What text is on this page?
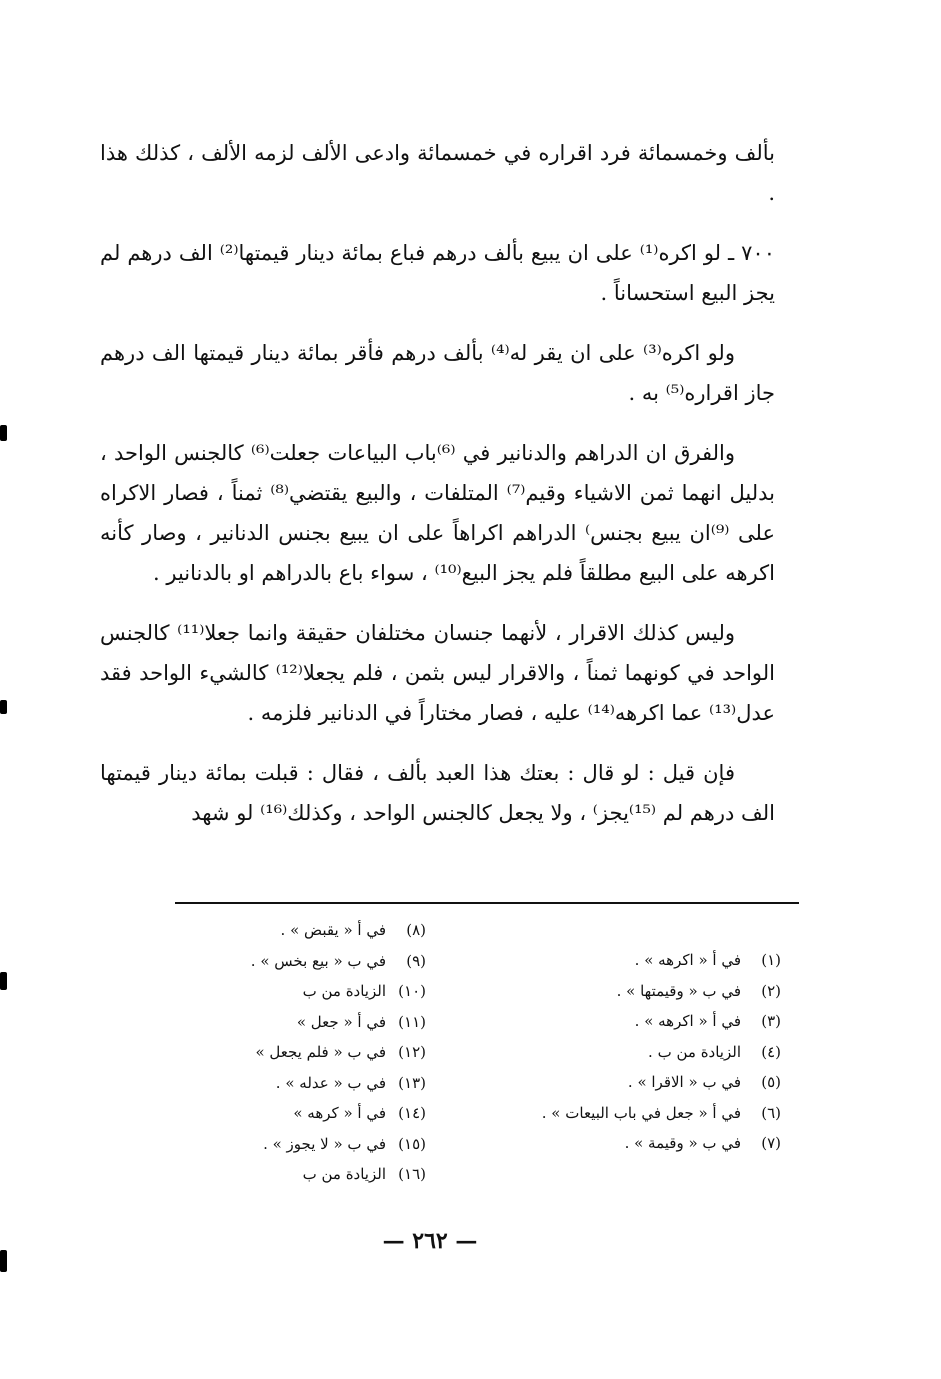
بألف وخمسمائة فرد اقراره في خمسمائة وادعى الألف لزمه الألف ، كذلك هذا .

٧٠٠ ـ لو اكره⁽¹⁾ على ان يبيع بألف درهم فباع بمائة دينار قيمتها⁽²⁾ الف درهم لم يجز البيع استحساناً .

ولو اكره⁽³⁾ على ان يقر له⁽⁴⁾ بألف درهم فأقر بمائة دينار قيمتها الف درهم جاز اقراره⁽⁵⁾ به .

والفرق ان الدراهم والدنانير في ⁽⁶⁾باب البياعات جعلت⁽⁶⁾ كالجنس الواحد ، بدليل انهما ثمن الاشياء وقيم⁽⁷⁾ المتلفات ، والبيع يقتضي⁽⁸⁾ ثمناً ، فصار الاكراه على ⁽⁹⁾ان يبيع بجنس⁾ الدراهم اكراهاً على ان يبيع بجنس الدنانير ، وصار كأنه اكرهه على البيع مطلقاً فلم يجز البيع⁽¹⁰⁾ ، سواء باع بالدراهم او بالدنانير .

وليس كذلك الاقرار ، لأنهما جنسان مختلفان حقيقة وانما جعلا⁽¹¹⁾ كالجنس الواحد في كونهما ثمناً ، والاقرار ليس بثمن ، فلم يجعلا⁽¹²⁾ كالشيء الواحد فقد عدل⁽¹³⁾ عما اكرهه⁽¹⁴⁾ عليه ، فصار مختاراً في الدنانير فلزمه .

فإن قيل : لو قال : بعتك هذا العبد بألف ، فقال : قبلت بمائة دينار قيمتها الف درهم لم ⁽¹⁵⁾يجز⁾ ، ولا يجعل كالجنس الواحد ، وكذلك⁽¹⁶⁾ لو شهد

(١)في أ « اكرهه » .
(٢)في ب « وقيمتها » .
(٣)في أ « اكرهه » .
(٤)الزيادة من ب .
(٥)في ب « الاقرا » .
(٦)في أ « جعل في باب البيعات » .
(٧)في ب « وقيمة » .
(٨)في أ « يقبض » .
(٩)في ب « بيع بخس » .
(١٠)الزيادة من ب
(١١)في أ « جعل »
(١٢)في ب « فلم يجعل »
(١٣)في ب « عدله » .
(١٤)في أ « كرهه »
(١٥)في ب « لا يجوز » .
(١٦)الزيادة من ب
— ٢٦٢ —
